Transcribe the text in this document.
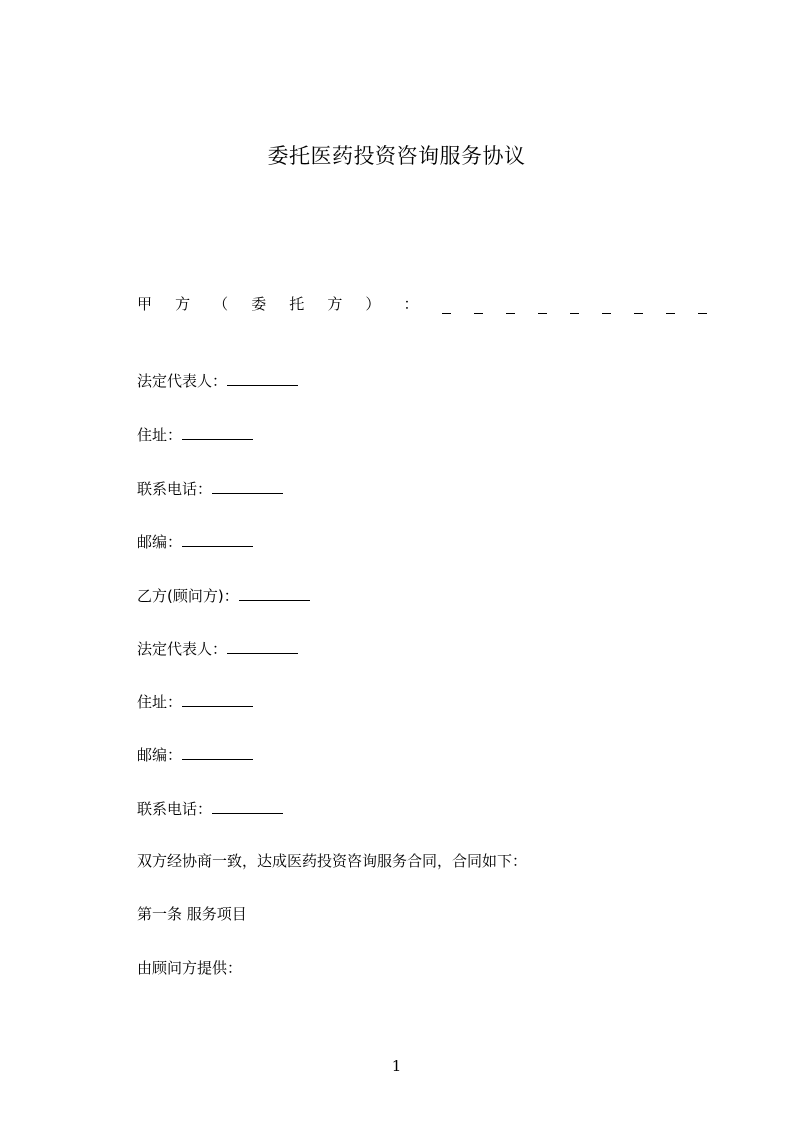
委托医药投资咨询服务协议
甲 方 （ 委 托 方 ） ：
法定代表人：
住址：
联系电话：
邮编：
乙方(顾问方)：
法定代表人：
住址：
邮编：
联系电话：
双方经协商一致，达成医药投资咨询服务合同，合同如下：
第一条 服务项目
由顾问方提供：
1
